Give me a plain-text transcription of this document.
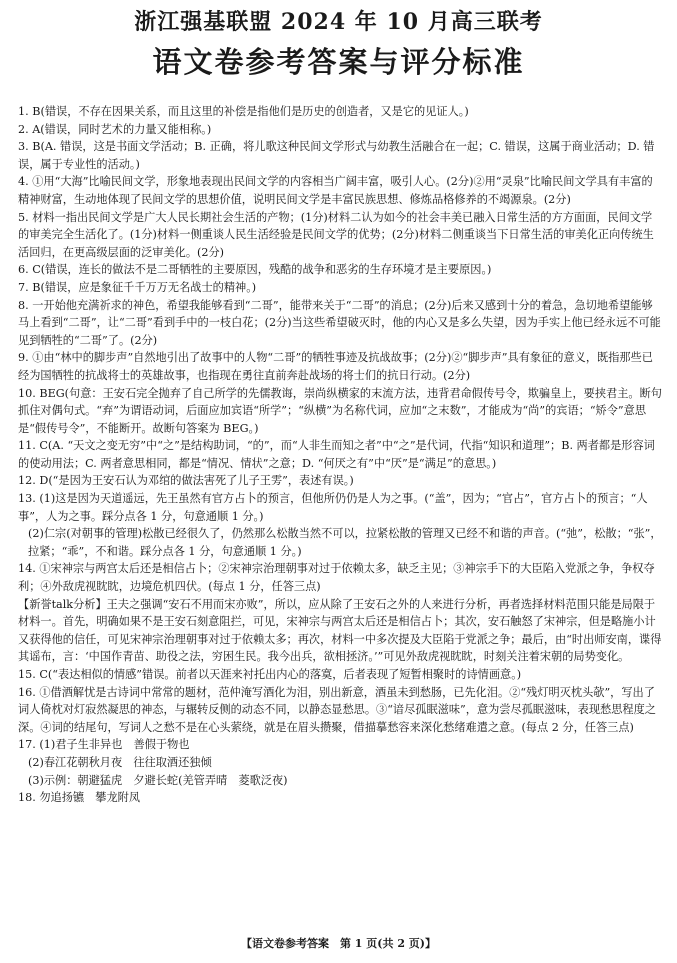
浙江强基联盟 2024 年 10 月高三联考
语文卷参考答案与评分标准

1. B(错误，不存在因果关系，而且这里的补偿是指他们是历史的创造者，又是它的见证人。)

2. A(错误，同时艺术的力量又能相称。)

3. B(A. 错误，这是书面文学活动；B. 正确，将儿歌这种民间文学形式与幼教生活融合在一起；C. 错误，这属于商业活动；D. 错误，属于专业性的活动。)

4. ①用“大海”比喻民间文学，形象地表现出民间文学的内容相当广阔丰富，吸引人心。(2分)②用“灵泉”比喻民间文学具有丰富的精神财富，生动地体现了民间文学的思想价值，说明民间文学是丰富民族思想、修炼品格修养的不竭源泉。(2分)

5. 材料一指出民间文学是广大人民长期社会生活的产物；(1分)材料二认为如今的社会丰美已融入日常生活的方方面面，民间文学的审美完全生活化了。(1分)材料一侧重谈人民生活经验是民间文学的优势；(2分)材料二侧重谈当下日常生活的审美化正向传统生活回归，在更高级层面的泛审美化。(2分)

6. C(错误，连长的做法不是二哥牺牲的主要原因，残酷的战争和恶劣的生存环境才是主要原因。)

7. B(错误，应是象征千千万万无名战士的精神。)

8. 一开始他充满祈求的神色，希望我能够看到“二哥”，能带来关于“二哥”的消息；(2分)后来又感到十分的着急，急切地希望能够马上看到“二哥”，让“二哥”看到手中的一枝白花；(2分)当这些希望破灭时，他的内心又是多么失望，因为手实上他已经永远不可能见到牺牲的“二哥”了。(2分)

9. ①由“林中的脚步声”自然地引出了故事中的人物“二哥”的牺牲事迹及抗战故事；(2分)②“脚步声”具有象征的意义，既指那些已经为国牺牲的抗战将士的英雄故事，也指现在勇往直前奔赴战场的将士们的抗日行动。(2分)

10. BEG(句意：王安石完全抛弃了自己所学的先儒教诲，崇尚纵横家的末流方法，违背君命假传号令，欺骗皇上，要挟君主。断句抓住对偶句式。“弃”为谓语动词，后面应加宾语“所学”；“纵横”为名称代词，应加“之末数”，才能成为“尚”的宾语；“矫令”意思是“假传号令”，不能断开。故断句答案为 BEG。)

11. C(A. “天文之变无穷”中“之”是结构助词，“的”，而“人非生而知之者”中“之”是代词，代指“知识和道理”；B. 两者都是形容词的使动用法；C. 两者意思相同，都是“情况、情状”之意；D. “何厌之有”中“厌”是“满足”的意思。)

12. D(“是因为王安石认为邓绾的做法害死了儿子王雱”，表述有误。)

13. (1)这是因为天道遥远，先王虽然有官方占卜的预言，但他所仍仍是人为之事。(“盖”，因为；“官占”，官方占卜的预言；“人事”，人为之事。踩分点各 1 分，句意通顺 1 分。)

(2)仁宗(对朝事的管理)松散已经很久了，仍然那么松散当然不可以，拉紧松散的管理又已经不和谐的声音。(“弛”，松散；“张”，拉紧；“乖”，不和谐。踩分点各 1 分，句意通顺 1 分。)

14. ①宋神宗与两宫太后还是相信占卜；②宋神宗治理朝事对过于依赖太多，缺乏主见；③神宗手下的大臣陷入党派之争，争权夺利；④外敌虎视眈眈，边境危机四伏。(每点 1 分，任答三点)

【新誉talk分析】王夫之强调“安石不用而宋亦败”，所以，应从除了王安石之外的人来进行分析，再者选择材料范围只能是局限于材料一。首先，明确如果不是王安石刻意阻拦，可见，宋神宗与两宫太后还是相信占卜；其次，安石触怒了宋神宗，但是略施小计又获得他的信任，可见宋神宗治理朝事对过于依赖太多；再次，材料一中多次提及大臣陷于党派之争；最后，由“时出师安南，谍得其谣布，言：‘中国作青苗、助役之法，穷困生民。我今出兵，欲相拯济。’”可见外敌虎视眈眈，时刻关注着宋朝的局势变化。

15. C(“表达相似的情感”错误。前者以天涯来衬托出内心的落寞，后者表现了短暂相聚时的诗情画意。)

16. ①借酒解忧是古诗词中常常的题材，范仲淹写酒化为泪，别出新意，酒虽未到愁肠，已先化泪。②“残灯明灭枕头欹”，写出了词人倚枕对灯寂然凝思的神态，与辗转反侧的动态不同，以静态显愁思。③“谙尽孤眠滋味”，意为尝尽孤眠滋味，表现愁思程度之深。④词的结尾句，写词人之愁不是在心头萦绕，就是在眉头攒聚，借描摹愁容来深化愁绪难遣之意。(每点 2 分，任答三点)

17. (1)君子生非异也　善假于物也

(2)春江花朝秋月夜　往往取酒还独倾

(3)示例：朝避猛虎　夕避长蛇(羌管弄晴　菱歌泛夜)

18. 勿追扬镳　攀龙附凤

【语文卷参考答案　第 1 页(共 2 页)】
